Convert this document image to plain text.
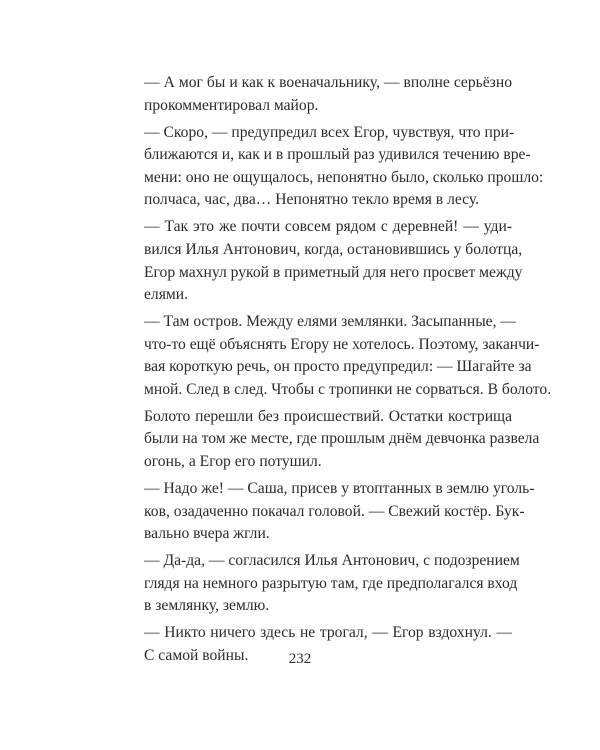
— А мог бы и как к военачальнику, — вполне серьёзно
прокомментировал майор.

— Скоро, — предупредил всех Егор, чувствуя, что при-
ближаются и, как и в прошлый раз удивился течению вре-
мени: оно не ощущалось, непонятно было, сколько прошло:
полчаса, час, два… Непонятно текло время в лесу.

— Так это же почти совсем рядом с деревней! — уди-
вился Илья Антонович, когда, остановившись у болотца,
Егор махнул рукой в приметный для него просвет между
елями.

— Там остров. Между елями землянки. Засыпанные, —
что-то ещё объяснять Егору не хотелось. Поэтому, заканчи-
вая короткую речь, он просто предупредил: — Шагайте за
мной. След в след. Чтобы с тропинки не сорваться. В болото.

Болото перешли без происшествий. Остатки кострища
были на том же месте, где прошлым днём девчонка развела
огонь, а Егор его потушил.

— Надо же! — Саша, присев у втоптанных в землю уголь-
ков, озадаченно покачал головой. — Свежий костёр. Бук-
вально вчера жгли.

— Да-да, — согласился Илья Антонович, с подозрением
глядя на немного разрытую там, где предполагался вход
в землянку, землю.

— Никто ничего здесь не трогал, — Егор вздохнул. —
С самой войны.	232
